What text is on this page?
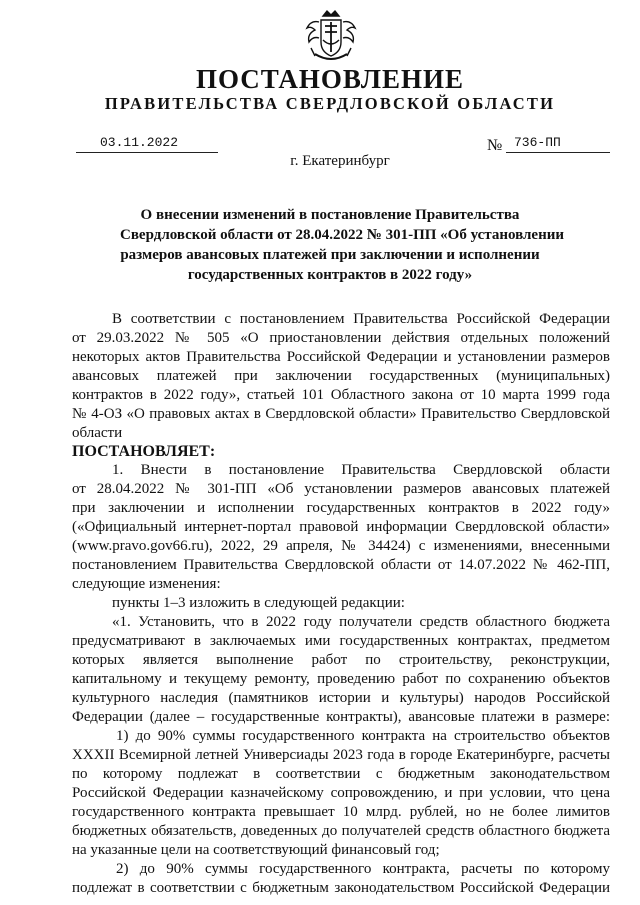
ПОСТАНОВЛЕНИЕ
ПРАВИТЕЛЬСТВА СВЕРДЛОВСКОЙ ОБЛАСТИ
03.11.2022	№ 736-ПП
г. Екатеринбург
О внесении изменений в постановление Правительства
Свердловской области от 28.04.2022 № 301-ПП «Об установлении
размеров авансовых платежей при заключении и исполнении
государственных контрактов в 2022 году»
В соответствии с постановлением Правительства Российской Федерации
от 29.03.2022 № 505 «О приостановлении действия отдельных положений
некоторых актов Правительства Российской Федерации и установлении размеров
авансовых платежей при заключении государственных (муниципальных)
контрактов в 2022 году», статьей 101 Областного закона от 10 марта 1999 года
№ 4-ОЗ «О правовых актах в Свердловской области» Правительство Свердловской
области
ПОСТАНОВЛЯЕТ:
1. Внести в постановление Правительства Свердловской области
от 28.04.2022 № 301-ПП «Об установлении размеров авансовых платежей
при заключении и исполнении государственных контрактов в 2022 году»
(«Официальный интернет-портал правовой информации Свердловской области»
(www.pravo.gov66.ru), 2022, 29 апреля, № 34424) с изменениями, внесенными
постановлением Правительства Свердловской области от 14.07.2022 № 462-ПП,
следующие изменения:
пункты 1–3 изложить в следующей редакции:
«1. Установить, что в 2022 году получатели средств областного бюджета
предусматривают в заключаемых ими государственных контрактах, предметом
которых является выполнение работ по строительству, реконструкции,
капитальному и текущему ремонту, проведению работ по сохранению объектов
культурного наследия (памятников истории и культуры) народов Российской
Федерации (далее – государственные контракты), авансовые платежи в размере:
1) до 90% суммы государственного контракта на строительство объектов
XXXII Всемирной летней Универсиады 2023 года в городе Екатеринбурге, расчеты
по которому подлежат в соответствии с бюджетным законодательством
Российской Федерации казначейскому сопровождению, и при условии, что цена
государственного контракта превышает 10 млрд. рублей, но не более лимитов
бюджетных обязательств, доведенных до получателей средств областного бюджета
на указанные цели на соответствующий финансовый год;
2) до 90% суммы государственного контракта, расчеты по которому
подлежат в соответствии с бюджетным законодательством Российской Федерации
